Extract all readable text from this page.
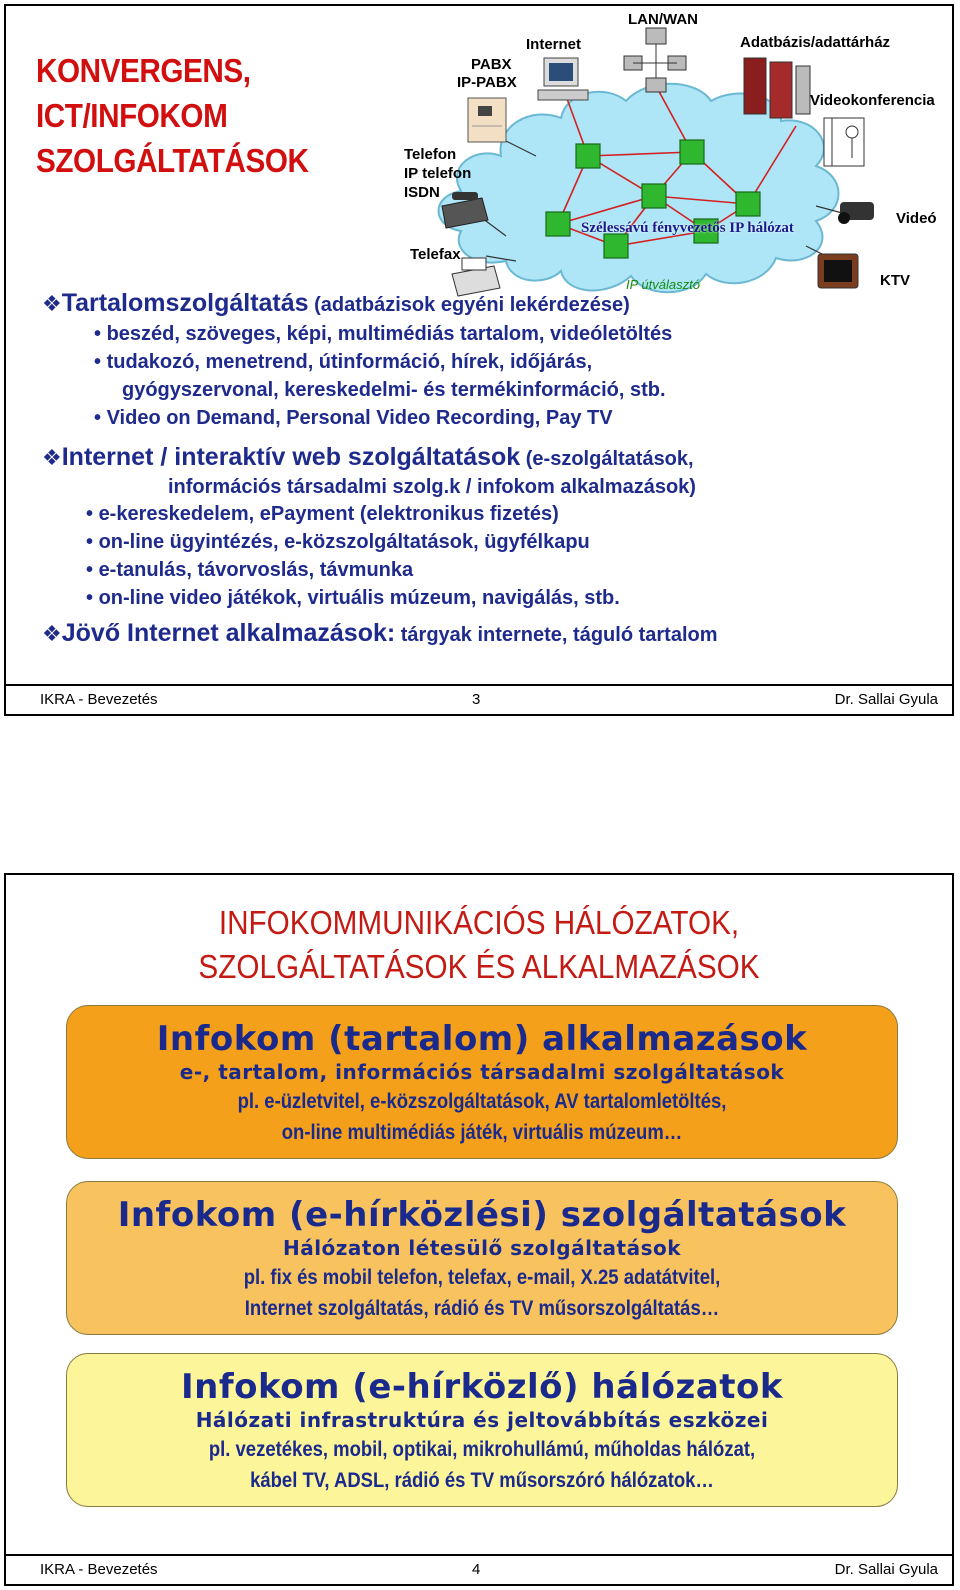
KONVERGENS,
ICT/INFOKOM
SZOLGÁLTATÁSOK
LAN/WAN
Internet	Adatbázis/adattárház
PABX
IP-PABX
Videokonferencia
Telefon
IP telefon
ISDN
Videó
Szélessávú fényvezetős IP hálózat
Telefax
IP útválasztó	KTV
❖Tartalomszolgáltatás (adatbázisok egyéni lekérdezése)
• beszéd, szöveges, képi, multimédiás tartalom, videóletöltés
• tudakozó, menetrend, útinformáció, hírek, időjárás,
gyógyszervonal, kereskedelmi- és termékinformáció, stb.
• Video on Demand, Personal Video Recording, Pay TV
❖Internet / interaktív web szolgáltatások (e-szolgáltatások,
információs társadalmi szolg.k / infokom alkalmazások)
• e-kereskedelem, ePayment (elektronikus fizetés)
• on-line ügyintézés, e-közszolgáltatások, ügyfélkapu
• e-tanulás, távorvoslás, távmunka
• on-line video játékok, virtuális múzeum, navigálás, stb.
❖Jövő Internet alkalmazások: tárgyak internete, táguló tartalom
IKRA - Bevezetés	3	Dr. Sallai Gyula
INFOKOMMUNIKÁCIÓS HÁLÓZATOK,
SZOLGÁLTATÁSOK ÉS ALKALMAZÁSOK
Infokom (tartalom) alkalmazások
e-, tartalom, információs társadalmi szolgáltatások
pl. e-üzletvitel, e-közszolgáltatások, AV tartalomletöltés,
on-line multimédiás játék, virtuális múzeum…
Infokom (e-hírközlési) szolgáltatások
Hálózaton létesülő szolgáltatások
pl. fix és mobil telefon, telefax, e-mail, X.25 adatátvitel,
Internet szolgáltatás, rádió és TV műsorszolgáltatás…
Infokom (e-hírközlő) hálózatok
Hálózati infrastruktúra és jeltovábbítás eszközei
pl. vezetékes, mobil, optikai, mikrohullámú, műholdas hálózat,
kábel TV, ADSL, rádió és TV műsorszóró hálózatok…
IKRA - Bevezetés	4	Dr. Sallai Gyula
